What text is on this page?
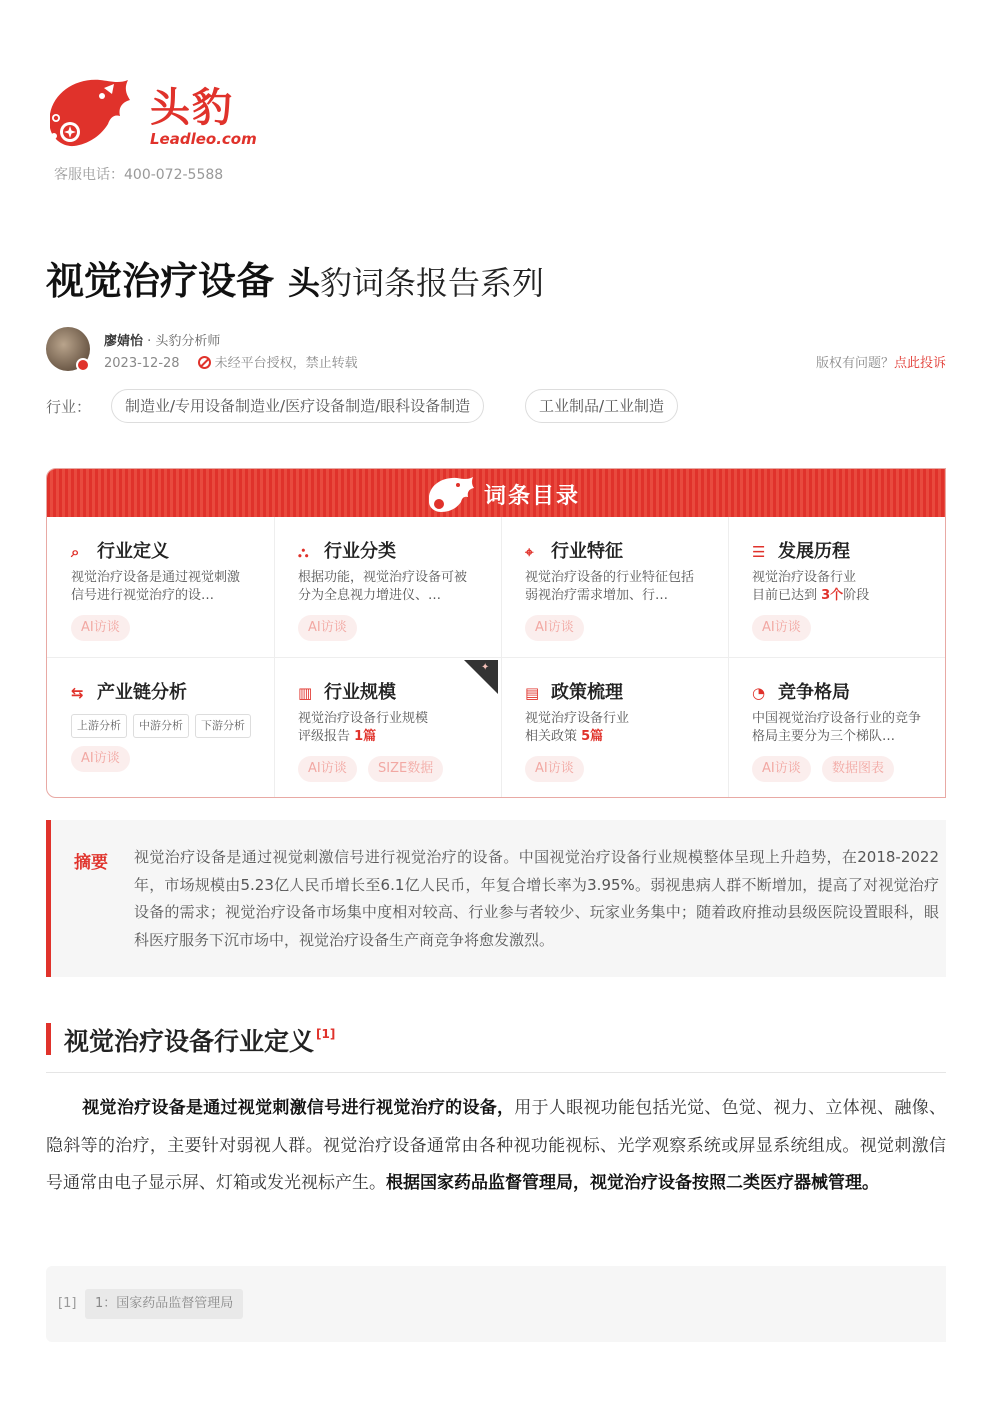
头豹
Leadleo.com
客服电话：400-072-5588
视觉治疗设备 头豹词条报告系列
廖婧怡 · 头豹分析师
2023-12-28	未经平台授权，禁止转载	版权有问题？点此投诉
行业：	制造业/专用设备制造业/医疗设备制造/眼科设备制造	工业制品/工业制造
词条目录
⌕ 行业定义
视觉治疗设备是通过视觉刺激信号进行视觉治疗的设…
AI访谈
⛬ 行业分类
根据功能，视觉治疗设备可被分为全息视力增进仪、…
AI访谈
⌖ 行业特征
视觉治疗设备的行业特征包括弱视治疗需求增加、行…
AI访谈
☰ 发展历程
视觉治疗设备行业
目前已达到 3个阶段
AI访谈
⇆ 产业链分析
上游分析	中游分析	下游分析
AI访谈
▥ 行业规模
视觉治疗设备行业规模
评级报告 1篇
AI访谈	SIZE数据
▤ 政策梳理
视觉治疗设备行业
相关政策 5篇
AI访谈
◔ 竞争格局
中国视觉治疗设备行业的竞争格局主要分为三个梯队…
AI访谈	数据图表
✦
摘要 视觉治疗设备是通过视觉刺激信号进行视觉治疗的设备。中国视觉治疗设备行业规模整体呈现上升趋势，在2018-2022年，市场规模由5.23亿人民币增长至6.1亿人民币，年复合增长率为3.95%。弱视患病人群不断增加，提高了对视觉治疗设备的需求；视觉治疗设备市场集中度相对较高、行业参与者较少、玩家业务集中；随着政府推动县级医院设置眼科，眼科医疗服务下沉市场中，视觉治疗设备生产商竞争将愈发激烈。
视觉治疗设备行业定义 [1]
视觉治疗设备是通过视觉刺激信号进行视觉治疗的设备，用于人眼视功能包括光觉、色觉、视力、立体视、融像、隐斜等的治疗，主要针对弱视人群。视觉治疗设备通常由各种视功能视标、光学观察系统或屏显系统组成。视觉刺激信号通常由电子显示屏、灯箱或发光视标产生。根据国家药品监督管理局，视觉治疗设备按照二类医疗器械管理。
[1]	1：国家药品监督管理局
